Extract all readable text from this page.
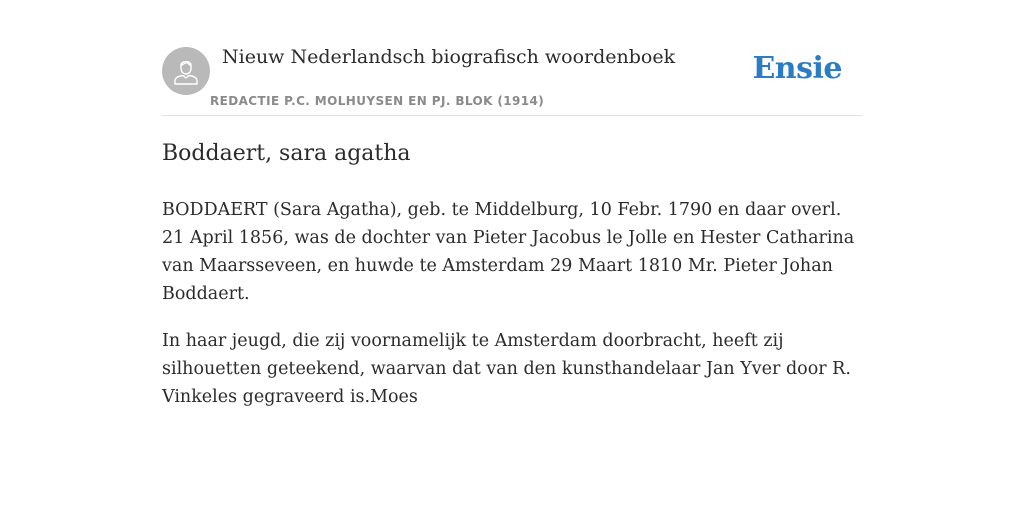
Nieuw Nederlandsch biografisch woordenboek
REDACTIE P.C. MOLHUYSEN EN PJ. BLOK (1914)
Ensie
Boddaert, sara agatha

BODDAERT (Sara Agatha), geb. te Middelburg, 10 Febr. 1790 en daar overl. 21 April 1856, was de dochter van Pieter Jacobus le Jolle en Hester Catharina van Maarsseveen, en huwde te Amsterdam 29 Maart 1810 Mr. Pieter Johan Boddaert.

In haar jeugd, die zij voornamelijk te Amsterdam doorbracht, heeft zij silhouetten geteekend, waarvan dat van den kunsthandelaar Jan Yver door R. Vinkeles gegraveerd is.Moes
